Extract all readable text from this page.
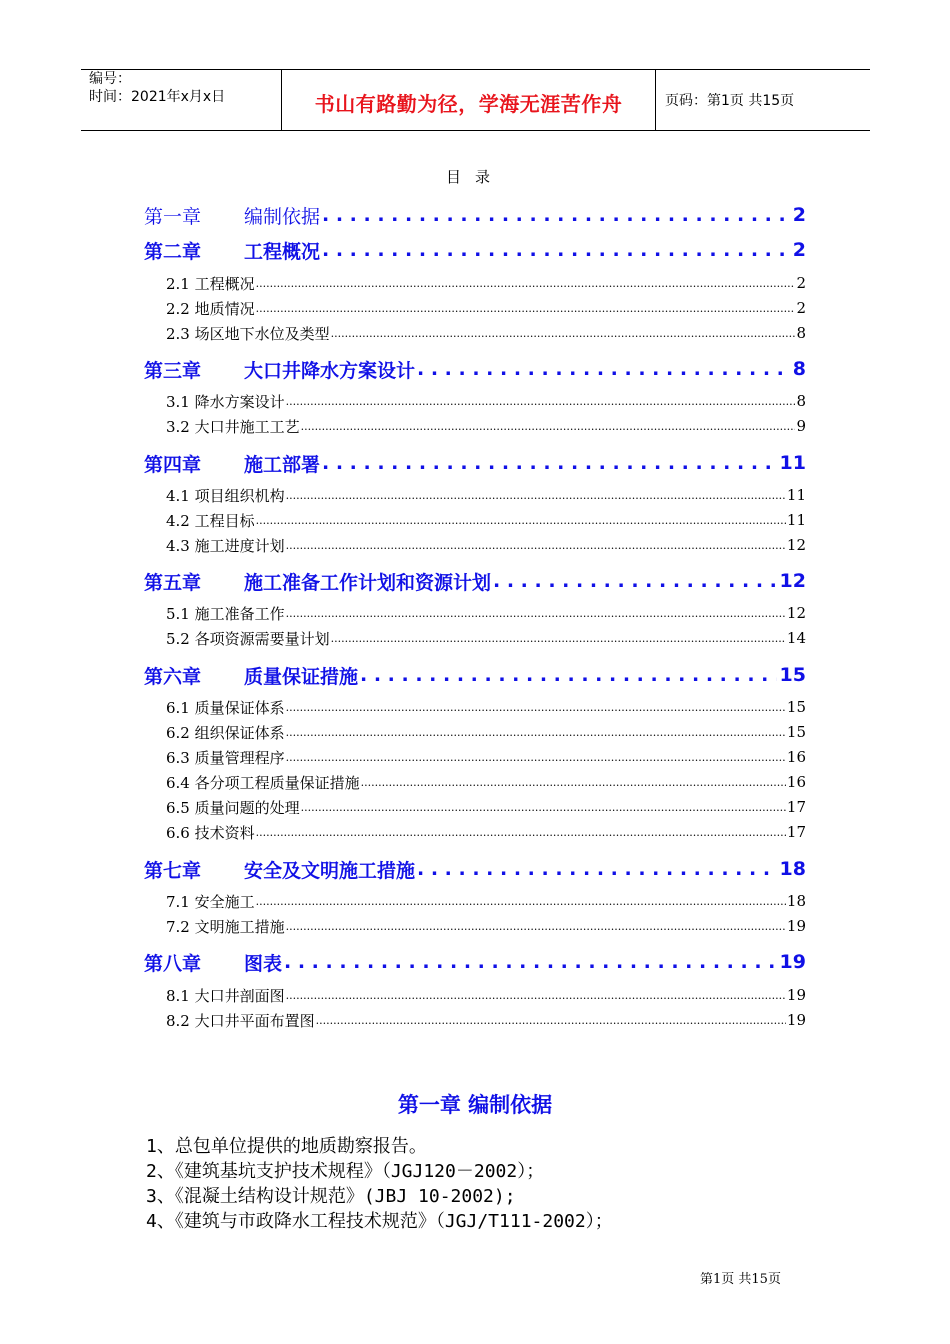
编号：
时间：2021年x月x日	书山有路勤为径，学海无涯苦作舟	页码：第1页 共15页
目录
第一章	编制依据 . . .	2
第二章	工程概况 . . .	2
2.1 工程概况 .....	2
2.2 地质情况 .....	2
2.3 场区地下水位及类型 .....	8
第三章	大口井降水方案设计 . . .	8
3.1 降水方案设计 .....	8
3.2 大口井施工工艺 .....	9
第四章	施工部署 . . .	11
4.1 项目组织机构 .....	11
4.2 工程目标 .....	11
4.3 施工进度计划 .....	12
第五章	施工准备工作计划和资源计划 . . .	12
5.1 施工准备工作 .....	12
5.2 各项资源需要量计划 .....	14
第六章	质量保证措施 . . .	15
6.1 质量保证体系 .....	15
6.2 组织保证体系 .....	15
6.3 质量管理程序 .....	16
6.4 各分项工程质量保证措施 .....	16
6.5 质量问题的处理 .....	17
6.6 技术资料 .....	17
第七章	安全及文明施工措施 . . .	18
7.1 安全施工 .....	18
7.2 文明施工措施 .....	19
第八章	图表 . . .	19
8.1 大口井剖面图 .....	19
8.2 大口井平面布置图 .....	19
第一章 编制依据
1、总包单位提供的地质勘察报告。
2、《建筑基坑支护技术规程》（JGJ120－2002）；
3、《混凝土结构设计规范》(JBJ 10-2002);
4、《建筑与市政降水工程技术规范》（JGJ/T111-2002）；
第1页 共15页
